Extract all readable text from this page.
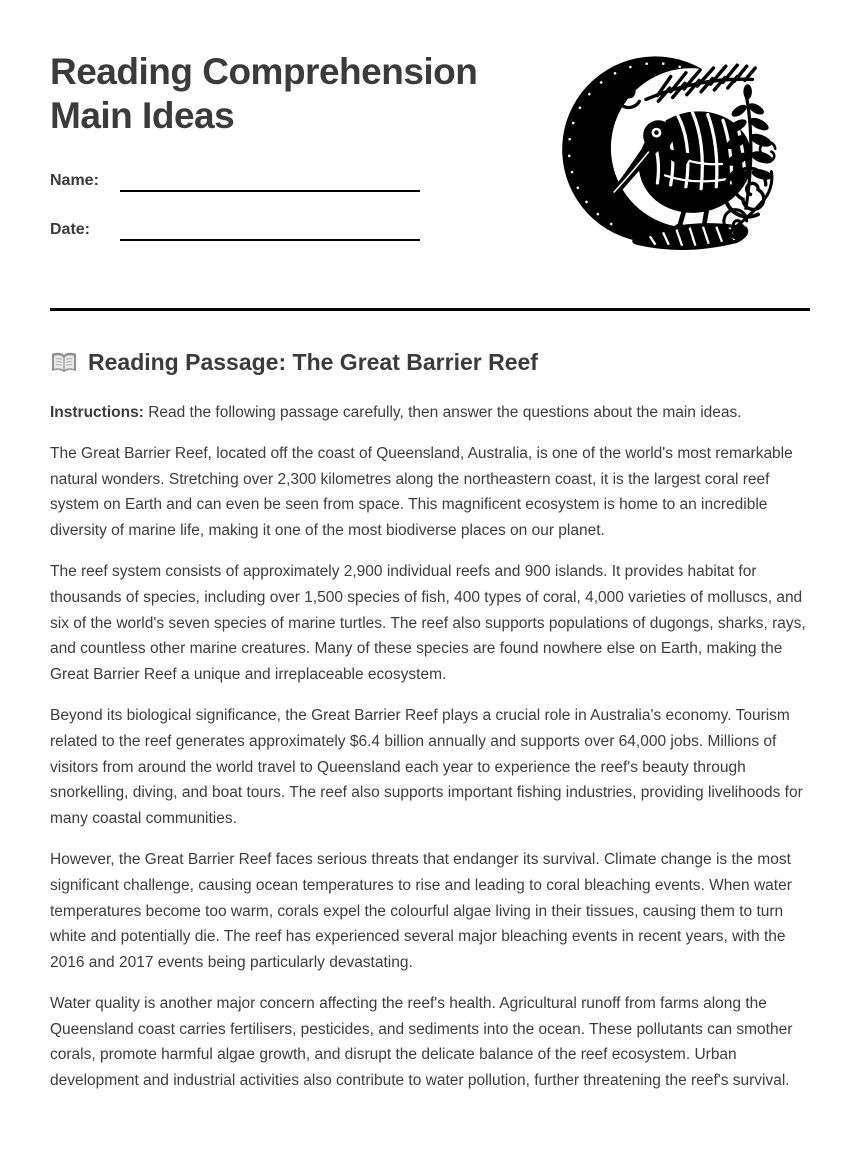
Reading Comprehension Main Ideas
Name:
Date:
Reading Passage: The Great Barrier Reef

Instructions: Read the following passage carefully, then answer the questions about the main ideas.

The Great Barrier Reef, located off the coast of Queensland, Australia, is one of the world's most remarkable natural wonders. Stretching over 2,300 kilometres along the northeastern coast, it is the largest coral reef system on Earth and can even be seen from space. This magnificent ecosystem is home to an incredible diversity of marine life, making it one of the most biodiverse places on our planet.

The reef system consists of approximately 2,900 individual reefs and 900 islands. It provides habitat for thousands of species, including over 1,500 species of fish, 400 types of coral, 4,000 varieties of molluscs, and six of the world's seven species of marine turtles. The reef also supports populations of dugongs, sharks, rays, and countless other marine creatures. Many of these species are found nowhere else on Earth, making the Great Barrier Reef a unique and irreplaceable ecosystem.

Beyond its biological significance, the Great Barrier Reef plays a crucial role in Australia's economy. Tourism related to the reef generates approximately $6.4 billion annually and supports over 64,000 jobs. Millions of visitors from around the world travel to Queensland each year to experience the reef's beauty through snorkelling, diving, and boat tours. The reef also supports important fishing industries, providing livelihoods for many coastal communities.

However, the Great Barrier Reef faces serious threats that endanger its survival. Climate change is the most significant challenge, causing ocean temperatures to rise and leading to coral bleaching events. When water temperatures become too warm, corals expel the colourful algae living in their tissues, causing them to turn white and potentially die. The reef has experienced several major bleaching events in recent years, with the 2016 and 2017 events being particularly devastating.

Water quality is another major concern affecting the reef's health. Agricultural runoff from farms along the Queensland coast carries fertilisers, pesticides, and sediments into the ocean. These pollutants can smother corals, promote harmful algae growth, and disrupt the delicate balance of the reef ecosystem. Urban development and industrial activities also contribute to water pollution, further threatening the reef's survival.
